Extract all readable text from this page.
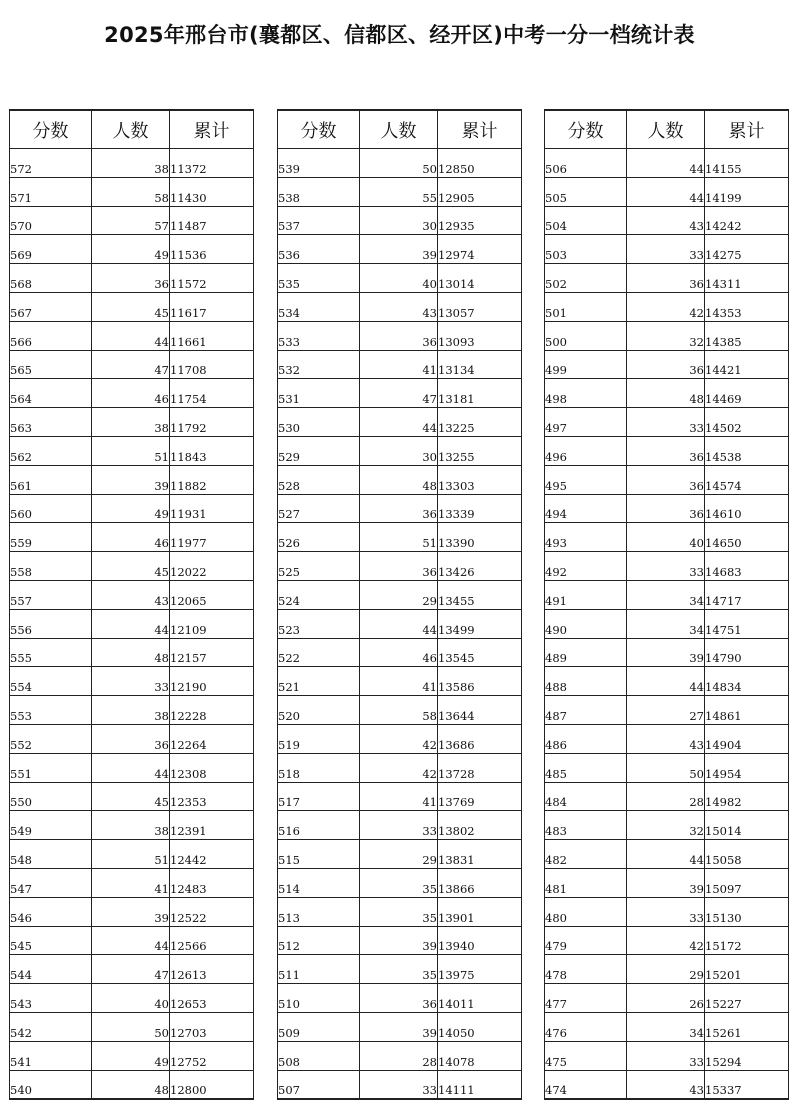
2025年邢台市(襄都区、信都区、经开区)中考一分一档统计表
分数	人数	累计
572	38	11372
571	58	11430
570	57	11487
569	49	11536
568	36	11572
567	45	11617
566	44	11661
565	47	11708
564	46	11754
563	38	11792
562	51	11843
561	39	11882
560	49	11931
559	46	11977
558	45	12022
557	43	12065
556	44	12109
555	48	12157
554	33	12190
553	38	12228
552	36	12264
551	44	12308
550	45	12353
549	38	12391
548	51	12442
547	41	12483
546	39	12522
545	44	12566
544	47	12613
543	40	12653
542	50	12703
541	49	12752
540	48	12800
分数	人数	累计
539	50	12850
538	55	12905
537	30	12935
536	39	12974
535	40	13014
534	43	13057
533	36	13093
532	41	13134
531	47	13181
530	44	13225
529	30	13255
528	48	13303
527	36	13339
526	51	13390
525	36	13426
524	29	13455
523	44	13499
522	46	13545
521	41	13586
520	58	13644
519	42	13686
518	42	13728
517	41	13769
516	33	13802
515	29	13831
514	35	13866
513	35	13901
512	39	13940
511	35	13975
510	36	14011
509	39	14050
508	28	14078
507	33	14111
分数	人数	累计
506	44	14155
505	44	14199
504	43	14242
503	33	14275
502	36	14311
501	42	14353
500	32	14385
499	36	14421
498	48	14469
497	33	14502
496	36	14538
495	36	14574
494	36	14610
493	40	14650
492	33	14683
491	34	14717
490	34	14751
489	39	14790
488	44	14834
487	27	14861
486	43	14904
485	50	14954
484	28	14982
483	32	15014
482	44	15058
481	39	15097
480	33	15130
479	42	15172
478	29	15201
477	26	15227
476	34	15261
475	33	15294
474	43	15337
